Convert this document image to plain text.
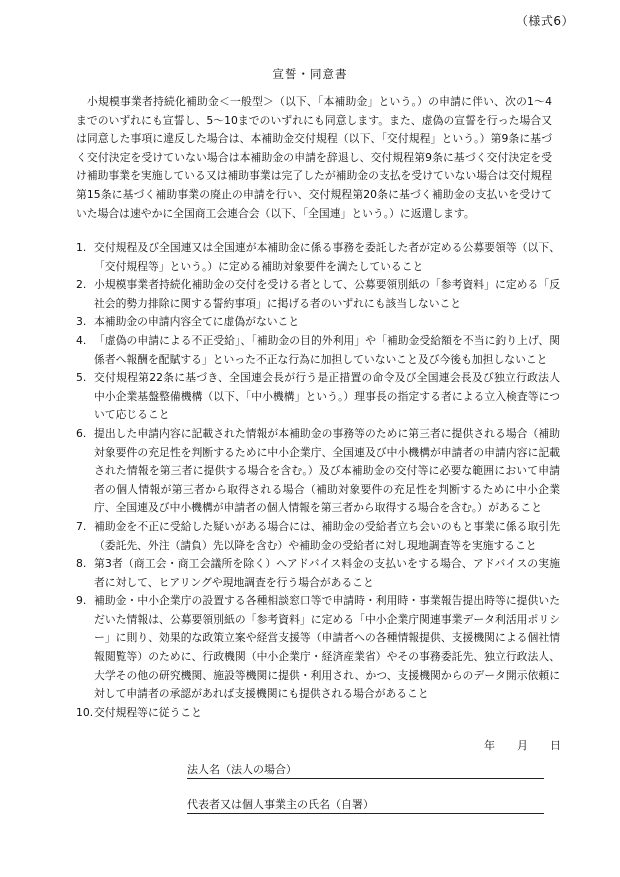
（様式6）
宣誓・同意書

小規模事業者持続化補助金＜一般型＞（以下、「本補助金」という。）の申請に伴い、次の1～4までのいずれにも宣誓し、5～10までのいずれにも同意します。また、虚偽の宣誓を行った場合又は同意した事項に違反した場合は、本補助金交付規程（以下、「交付規程」という。）第9条に基づく交付決定を受けていない場合は本補助金の申請を辞退し、交付規程第9条に基づく交付決定を受け補助事業を実施している又は補助事業は完了したが補助金の支払を受けていない場合は交付規程第15条に基づく補助事業の廃止の申請を行い、交付規程第20条に基づく補助金の支払いを受けていた場合は速やかに全国商工会連合会（以下、「全国連」という。）に返還します。

1. 交付規程及び全国連又は全国連が本補助金に係る事務を委託した者が定める公募要領等（以下、「交付規程等」という。）に定める補助対象要件を満たしていること
2. 小規模事業者持続化補助金の交付を受ける者として、公募要領別紙の「参考資料」に定める「反社会的勢力排除に関する誓約事項」に掲げる者のいずれにも該当しないこと
3. 本補助金の申請内容全てに虚偽がないこと
4. 「虚偽の申請による不正受給」、「補助金の目的外利用」や「補助金受給額を不当に釣り上げ、関係者へ報酬を配賦する」といった不正な行為に加担していないこと及び今後も加担しないこと
5. 交付規程第22条に基づき、全国連会長が行う是正措置の命令及び全国連会長及び独立行政法人中小企業基盤整備機構（以下、「中小機構」という。）理事長の指定する者による立入検査等について応じること
6. 提出した申請内容に記載された情報が本補助金の事務等のために第三者に提供される場合（補助対象要件の充足性を判断するために中小企業庁、全国連及び中小機構が申請者の申請内容に記載された情報を第三者に提供する場合を含む。）及び本補助金の交付等に必要な範囲において申請者の個人情報が第三者から取得される場合（補助対象要件の充足性を判断するために中小企業庁、全国連及び中小機構が申請者の個人情報を第三者から取得する場合を含む。）があること
7. 補助金を不正に受給した疑いがある場合には、補助金の受給者立ち会いのもと事業に係る取引先（委託先、外注（請負）先以降を含む）や補助金の受給者に対し現地調査等を実施すること
8. 第3者（商工会・商工会議所を除く）へアドバイス料金の支払いをする場合、アドバイスの実施者に対して、ヒアリングや現地調査を行う場合があること
9. 補助金・中小企業庁の設置する各種相談窓口等で申請時・利用時・事業報告提出時等に提供いただいた情報は、公募要領別紙の「参考資料」に定める「中小企業庁関連事業データ利活用ポリシー」に則り、効果的な政策立案や経営支援等（申請者への各種情報提供、支援機関による個社情報閲覧等）のために、行政機関（中小企業庁・経済産業省）やその事務委託先、独立行政法人、大学その他の研究機関、施設等機関に提供・利用され、かつ、支援機関からのデータ開示依頼に対して申請者の承認があれば支援機関にも提供される場合があること
10. 交付規程等に従うこと
年 月 日
法人名（法人の場合）
代表者又は個人事業主の氏名（自署）
